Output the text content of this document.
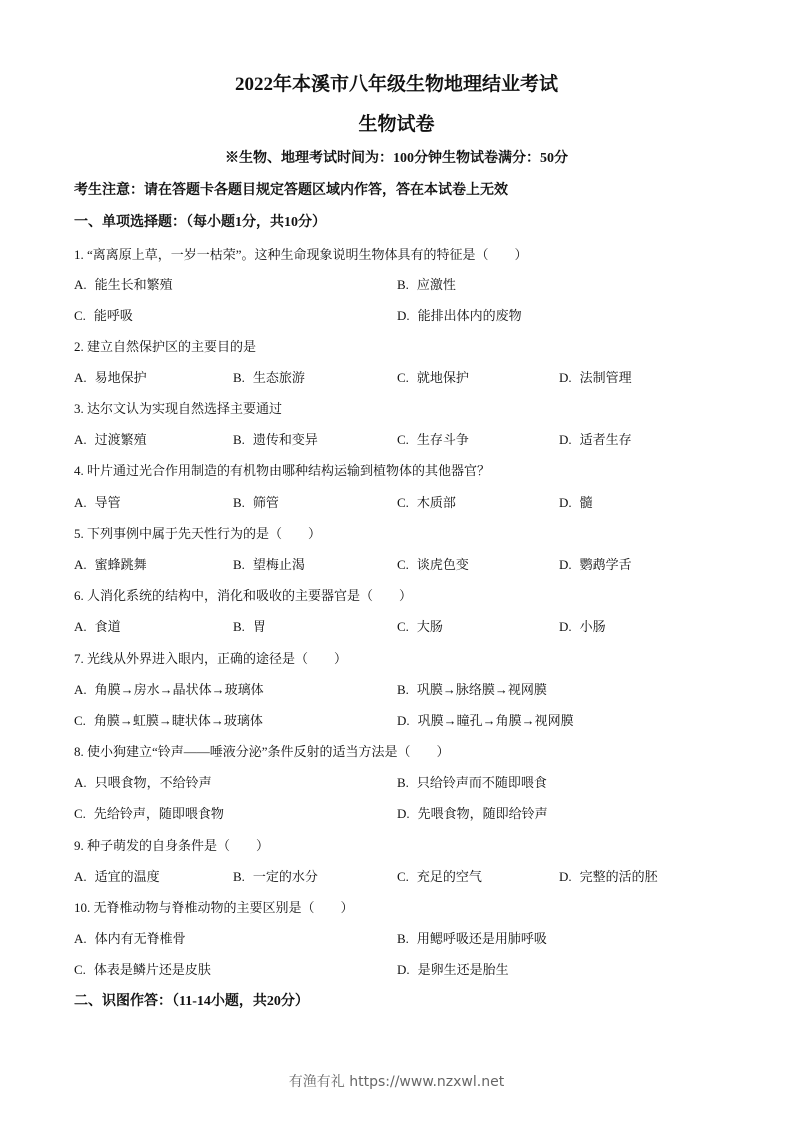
2022年本溪市八年级生物地理结业考试
生物试卷
※生物、地理考试时间为：100分钟生物试卷满分：50分
考生注意：请在答题卡各题目规定答题区域内作答，答在本试卷上无效
一、单项选择题：（每小题1分，共10分）
1. “离离原上草，一岁一枯荣”。这种生命现象说明生物体具有的特征是（　　）
A. 能生长和繁殖	B. 应激性
C. 能呼吸	D. 能排出体内的废物
2. 建立自然保护区的主要目的是
A. 易地保护	B. 生态旅游	C. 就地保护	D. 法制管理
3. 达尔文认为实现自然选择主要通过
A. 过渡繁殖	B. 遗传和变异	C. 生存斗争	D. 适者生存
4. 叶片通过光合作用制造的有机物由哪种结构运输到植物体的其他器官？
A. 导管	B. 筛管	C. 木质部	D. 髓
5. 下列事例中属于先天性行为的是（　　）
A. 蜜蜂跳舞	B. 望梅止渴	C. 谈虎色变	D. 鹦鹉学舌
6. 人消化系统的结构中，消化和吸收的主要器官是（　　）
A. 食道	B. 胃	C. 大肠	D. 小肠
7. 光线从外界进入眼内，正确的途径是（　　）
A. 角膜→房水→晶状体→玻璃体	B. 巩膜→脉络膜→视网膜
C. 角膜→虹膜→睫状体→玻璃体	D. 巩膜→瞳孔→角膜→视网膜
8. 使小狗建立“铃声——唾液分泌”条件反射的适当方法是（　　）
A. 只喂食物，不给铃声	B. 只给铃声而不随即喂食
C. 先给铃声，随即喂食物	D. 先喂食物，随即给铃声
9. 种子萌发的自身条件是（　　）
A. 适宜的温度	B. 一定的水分	C. 充足的空气	D. 完整的活的胚
10. 无脊椎动物与脊椎动物的主要区别是（　　）
A. 体内有无脊椎骨	B. 用鳃呼吸还是用肺呼吸
C. 体表是鳞片还是皮肤	D. 是卵生还是胎生
二、识图作答：（11-14小题，共20分）
有渔有礼 https://www.nzxwl.net
